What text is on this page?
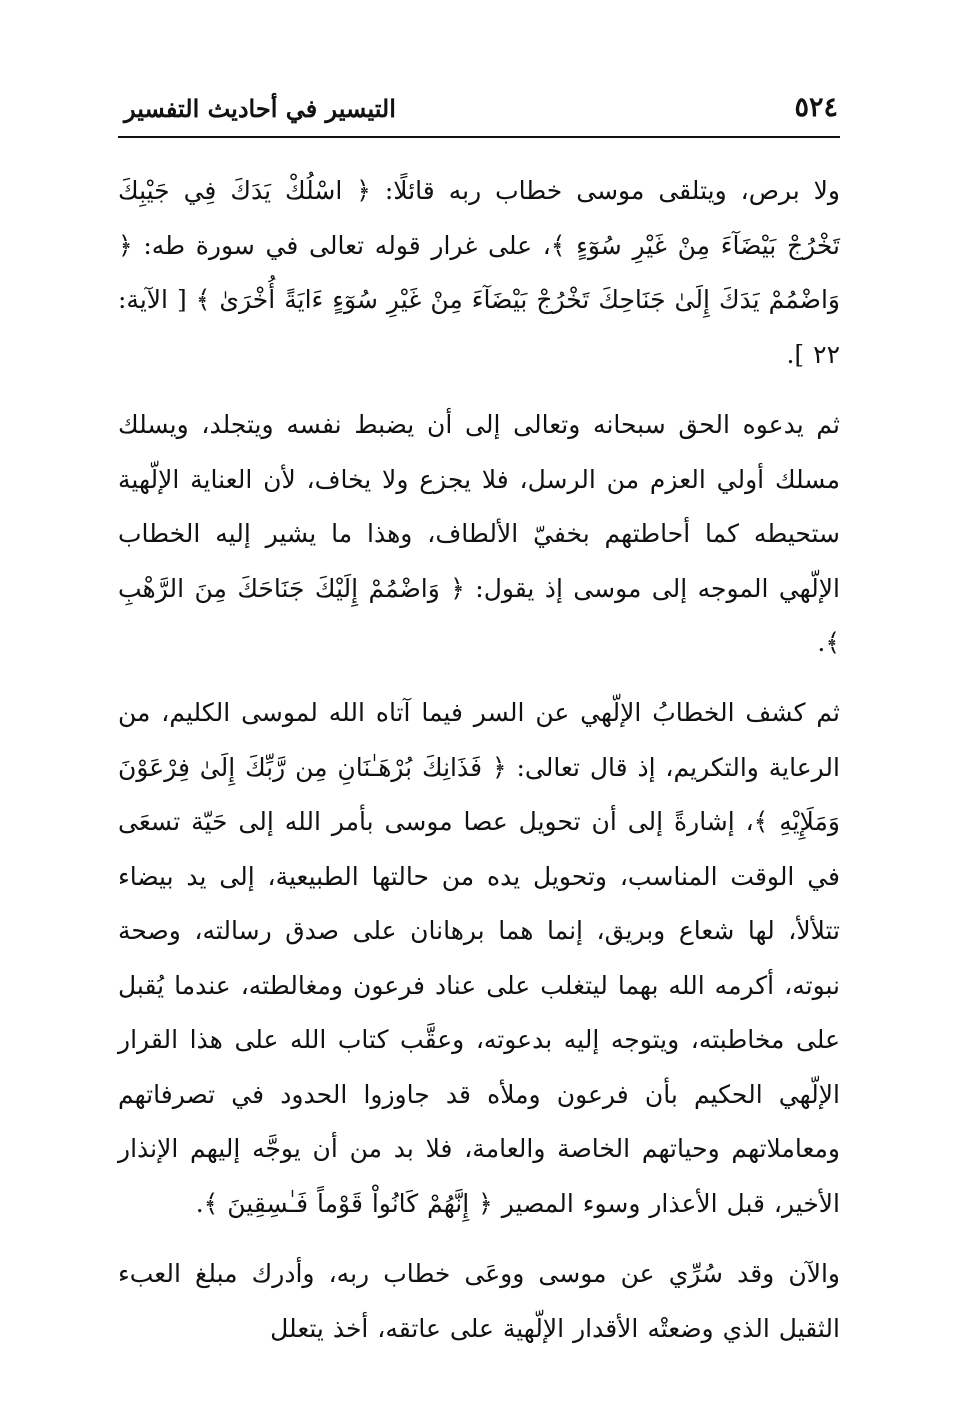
٥٢٤
التيسير في أحاديث التفسير

ولا برص، ويتلقى موسى خطاب ربه قائلًا: ﴿ اسْلُكْ يَدَكَ فِي جَيْبِكَ تَخْرُجْ بَيْضَآءَ مِنْ غَيْرِ سُوٓءٍ ﴾، على غرار قوله تعالى في سورة طه: ﴿ وَاضْمُمْ يَدَكَ إِلَىٰ جَنَاحِكَ تَخْرُجْ بَيْضَآءَ مِنْ غَيْرِ سُوٓءٍ ءَايَةً أُخْرَىٰ ﴾ [ الآية: ٢٢ ].

ثم يدعوه الحق سبحانه وتعالى إلى أن يضبط نفسه ويتجلد، ويسلك مسلك أولي العزم من الرسل، فلا يجزع ولا يخاف، لأن العناية الإلّهية ستحيطه كما أحاطتهم بخفيّ الألطاف، وهذا ما يشير إليه الخطاب الإلّهي الموجه إلى موسى إذ يقول: ﴿ وَاضْمُمْ إِلَيْكَ جَنَاحَكَ مِنَ الرَّهْبِ ﴾.

ثم كشف الخطابُ الإلّهي عن السر فيما آتاه الله لموسى الكليم، من الرعاية والتكريم، إذ قال تعالى: ﴿ فَذَانِكَ بُرْهَـٰنَانِ مِن رَّبِّكَ إِلَىٰ فِرْعَوْنَ وَمَلَإِيْهِ ﴾، إشارةً إلى أن تحويل عصا موسى بأمر الله إلى حَيّة تسعَى في الوقت المناسب، وتحويل يده من حالتها الطبيعية، إلى يد بيضاء تتلألأ، لها شعاع وبريق، إنما هما برهانان على صدق رسالته، وصحة نبوته، أكرمه الله بهما ليتغلب على عناد فرعون ومغالطته، عندما يُقبل على مخاطبته، ويتوجه إليه بدعوته، وعقَّب كتاب الله على هذا القرار الإلّهي الحكيم بأن فرعون وملأه قد جاوزوا الحدود في تصرفاتهم ومعاملاتهم وحياتهم الخاصة والعامة، فلا بد من أن يوجَّه إليهم الإنذار الأخير، قبل الأعذار وسوء المصير ﴿ إِنَّهُمْ كَانُواْ قَوْماً فَـٰسِقِينَ ﴾.

والآن وقد سُرِّي عن موسى ووعَى خطاب ربه، وأدرك مبلغ العبء الثقيل الذي وضعتْه الأقدار الإلّهية على عاتقه، أخذ يتعلل
